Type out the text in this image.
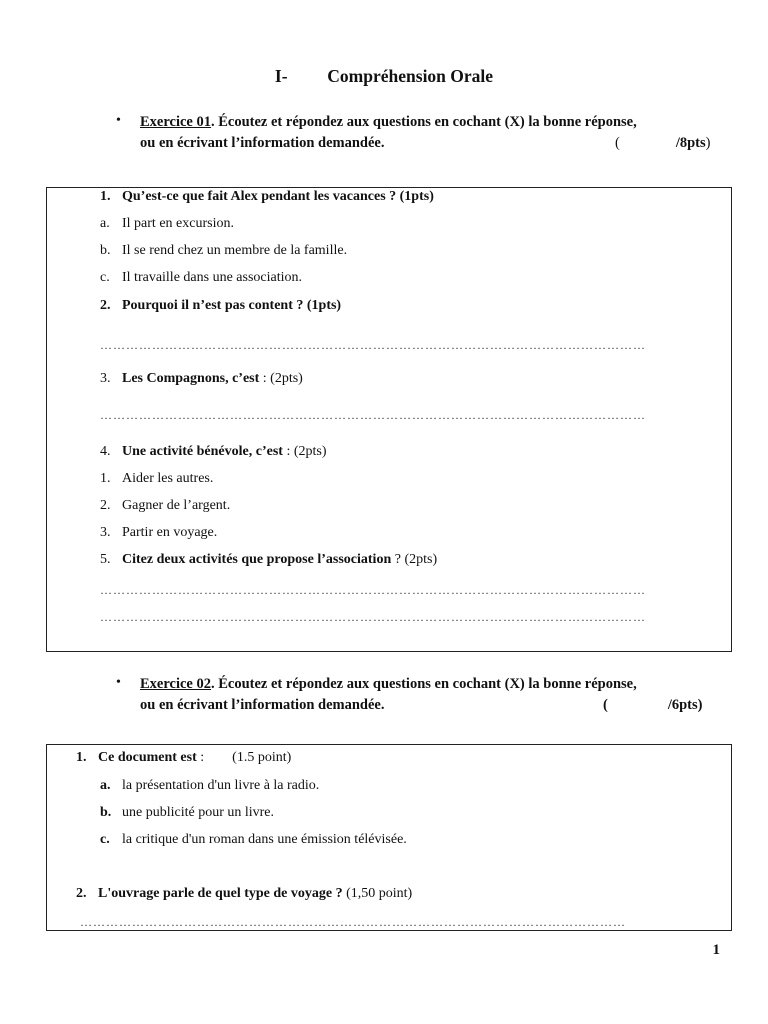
I- Compréhension Orale
• Exercice 01. Écoutez et répondez aux questions en cochant (X) la bonne réponse,
ou en écrivant l’information demandée.	(	/8pts)
1. Qu’est-ce que fait Alex pendant les vacances ? (1pts)
a. Il part en excursion.
b. Il se rend chez un membre de la famille.
c. Il travaille dans une association.
2. Pourquoi il n’est pas content ? (1pts)
………………………………………………………………………………………………………………
3. Les Compagnons, c’est : (2pts)
………………………………………………………………………………………………………………
4. Une activité bénévole, c’est : (2pts)
1. Aider les autres.
2. Gagner de l’argent.
3. Partir en voyage.
5. Citez deux activités que propose l’association ? (2pts)
………………………………………………………………………………………………………………
………………………………………………………………………………………………………………
• Exercice 02. Écoutez et répondez aux questions en cochant (X) la bonne réponse,
ou en écrivant l’information demandée.	(	/6pts)
1. Ce document est : (1.5 point)
a. la présentation d'un livre à la radio.
b. une publicité pour un livre.
c. la critique d'un roman dans une émission télévisée.
2. L'ouvrage parle de quel type de voyage ? (1,50 point)
………………………………………………………………………………………………………………
1
